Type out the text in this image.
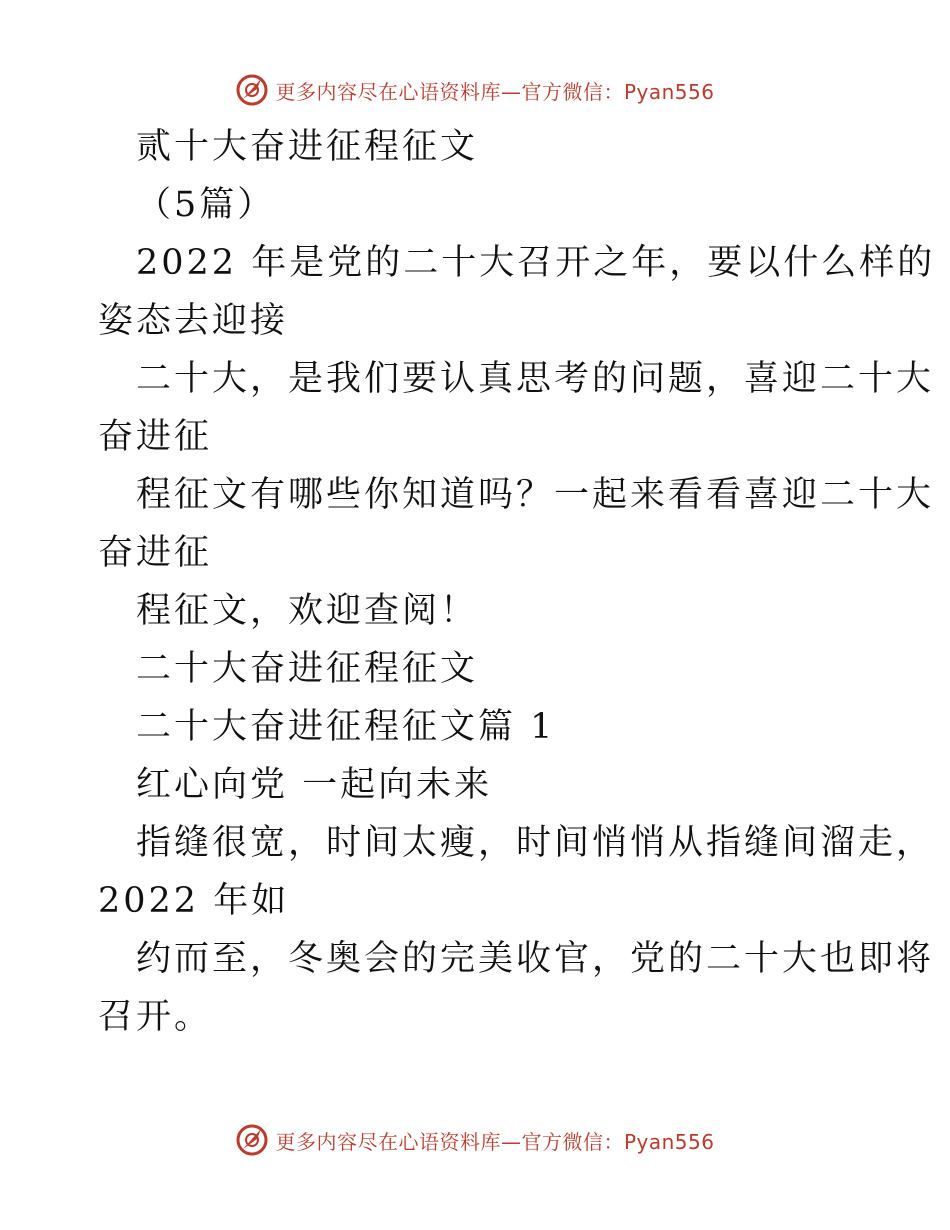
更多内容尽在心语资料库—官方微信：Pyan556

贰十大奋进征程征文

（5篇）

2022 年是党的二十大召开之年，要以什么样的

姿态去迎接

二十大，是我们要认真思考的问题，喜迎二十大

奋进征

程征文有哪些你知道吗？一起来看看喜迎二十大

奋进征

程征文，欢迎查阅！

二十大奋进征程征文

二十大奋进征程征文篇 1

红心向党 一起向未来

指缝很宽，时间太瘦，时间悄悄从指缝间溜走，

2022 年如

约而至，冬奥会的完美收官，党的二十大也即将

召开。

更多内容尽在心语资料库—官方微信：Pyan556
